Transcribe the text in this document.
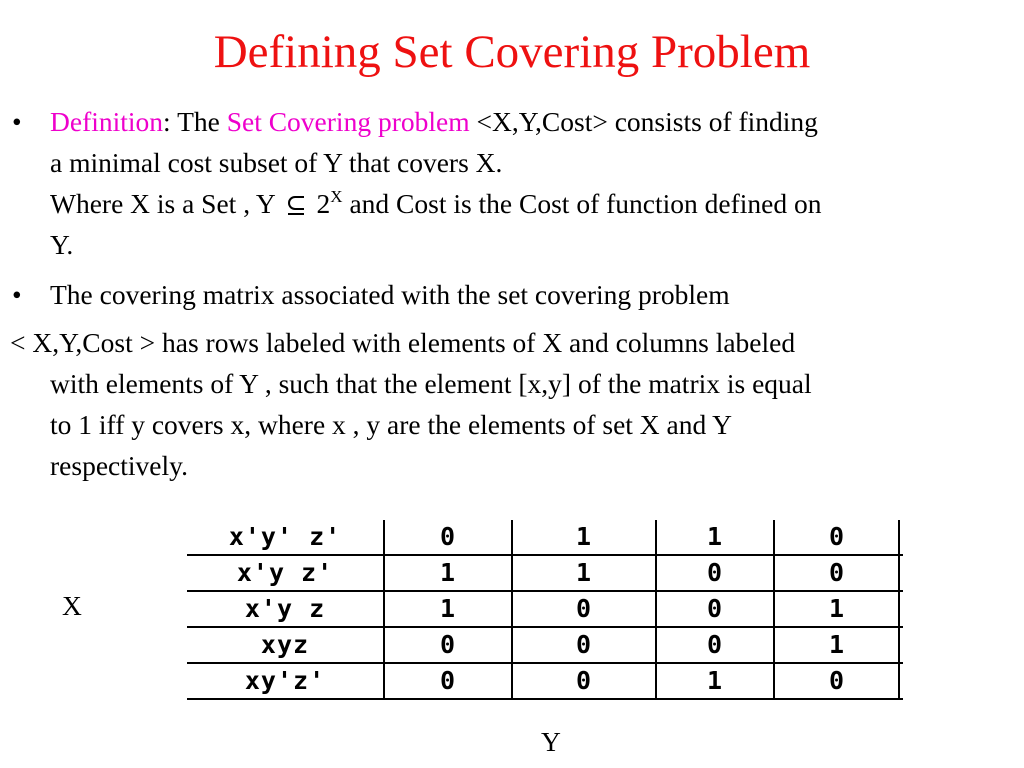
Defining Set Covering Problem
• Definition: The Set Covering problem <X,Y,Cost> consists of finding
a minimal cost subset of Y that covers X.
Where X is a Set , Y  $2^X$ and Cost is the Cost of function defined on
Y.
• The covering matrix associated with the set covering problem
< X,Y,Cost > has rows labeled with elements of X and columns labeled
with elements of Y , such that the element [x,y] of the matrix is equal
to 1 iff y covers x, where x , y are the elements of set X and Y
respectively.
X
x'y' z'	0	1	1	0
x'y z'	1	1	0	0
x'y z	1	0	0	1
xyz	0	0	0	1
xy'z'	0	0	1	0
Y
